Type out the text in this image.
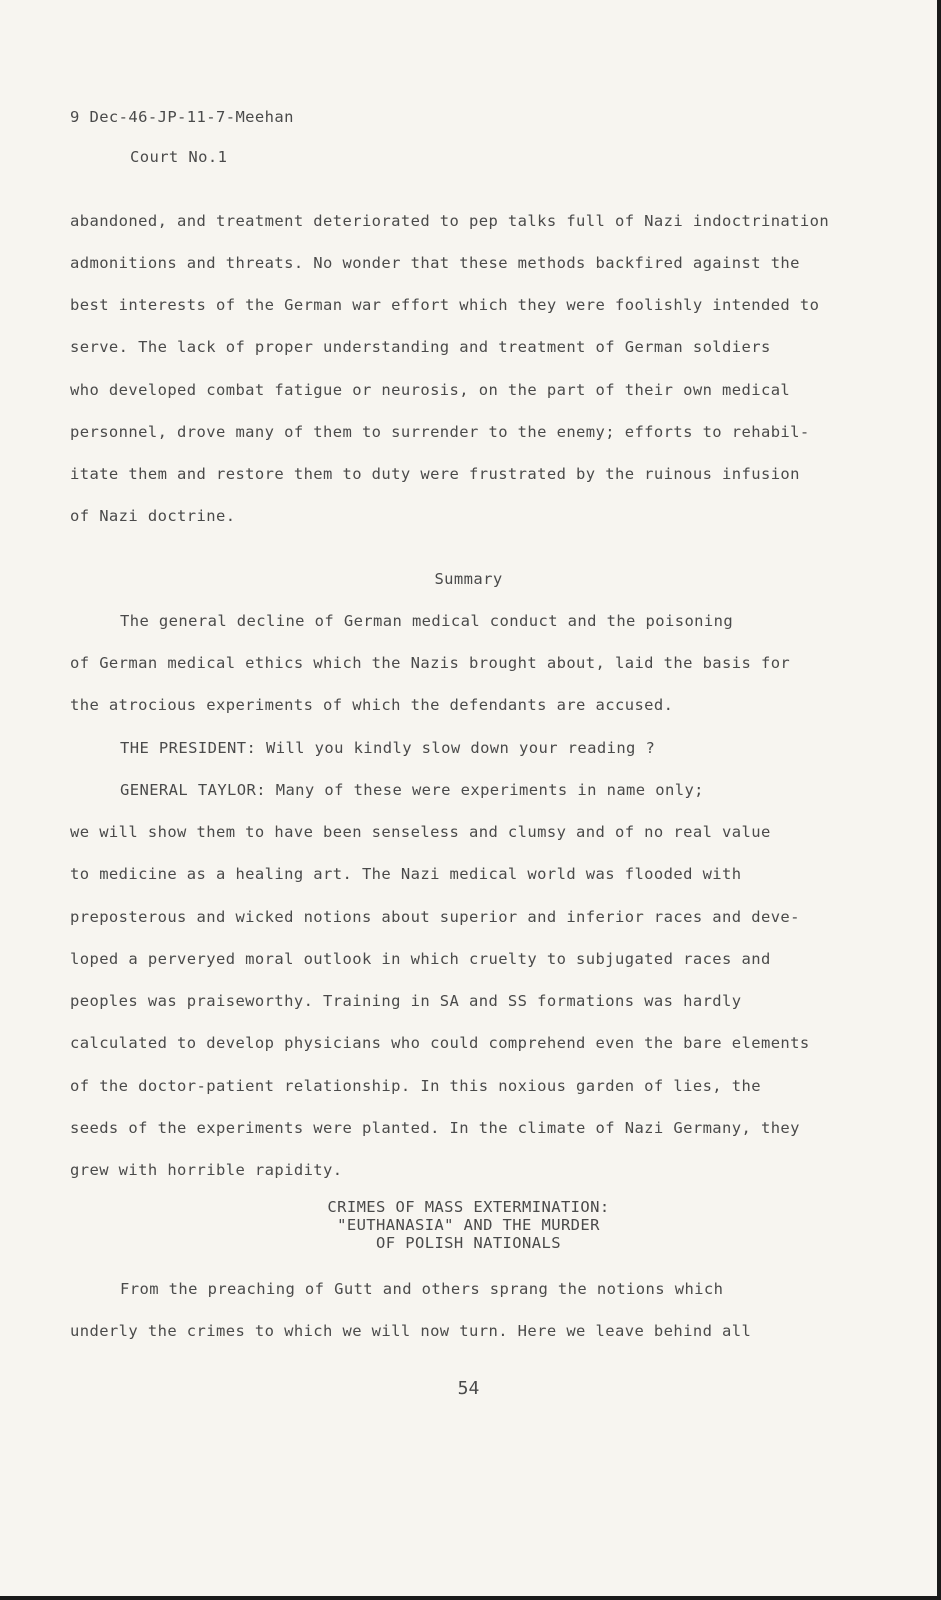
9 Dec-46-JP-11-7-Meehan
Court No.1
abandoned, and treatment deteriorated to pep talks full of Nazi indoctrination
admonitions and threats. No wonder that these methods backfired against the
best interests of the German war effort which they were foolishly intended to
serve. The lack of proper understanding and treatment of German soldiers
who developed combat fatigue or neurosis, on the part of their own medical
personnel, drove many of them to surrender to the enemy; efforts to rehabil-
itate them and restore them to duty were frustrated by the ruinous infusion
of Nazi doctrine.
Summary
The general decline of German medical conduct and the poisoning
of German medical ethics which the Nazis brought about, laid the basis for
the atrocious experiments of which the defendants are accused.
THE PRESIDENT: Will you kindly slow down your reading ?
GENERAL TAYLOR: Many of these were experiments in name only;
we will show them to have been senseless and clumsy and of no real value
to medicine as a healing art. The Nazi medical world was flooded with
preposterous and wicked notions about superior and inferior races and deve-
loped a perveryed moral outlook in which cruelty to subjugated races and
peoples was praiseworthy. Training in SA and SS formations was hardly
calculated to develop physicians who could comprehend even the bare elements
of the doctor-patient relationship. In this noxious garden of lies, the
seeds of the experiments were planted. In the climate of Nazi Germany, they
grew with horrible rapidity.
CRIMES OF MASS EXTERMINATION:
"EUTHANASIA" AND THE MURDER
OF POLISH NATIONALS
From the preaching of Gutt and others sprang the notions which
underly the crimes to which we will now turn. Here we leave behind all
54
